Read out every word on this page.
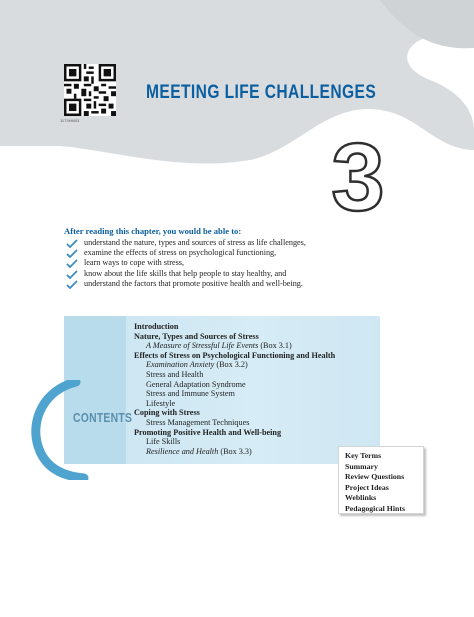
1173HM03
MEETING LIFE CHALLENGES
3
After reading this chapter, you would be able to:
understand the nature, types and sources of stress as life challenges,
examine the effects of stress on psychological functioning,
learn ways to cope with stress,
know about the life skills that help people to stay healthy, and
understand the factors that promote positive health and well-being.
CONTENTS
Introduction
Nature, Types and Sources of Stress
A Measure of Stressful Life Events (Box 3.1)
Effects of Stress on Psychological Functioning and Health
Examination Anxiety (Box 3.2)
Stress and Health
General Adaptation Syndrome
Stress and Immune System
Lifestyle
Coping with Stress
Stress Management Techniques
Promoting Positive Health and Well-being
Life Skills
Resilience and Health (Box 3.3)	Key Terms
Summary
Review Questions
Project Ideas
Weblinks
Pedagogical Hints
